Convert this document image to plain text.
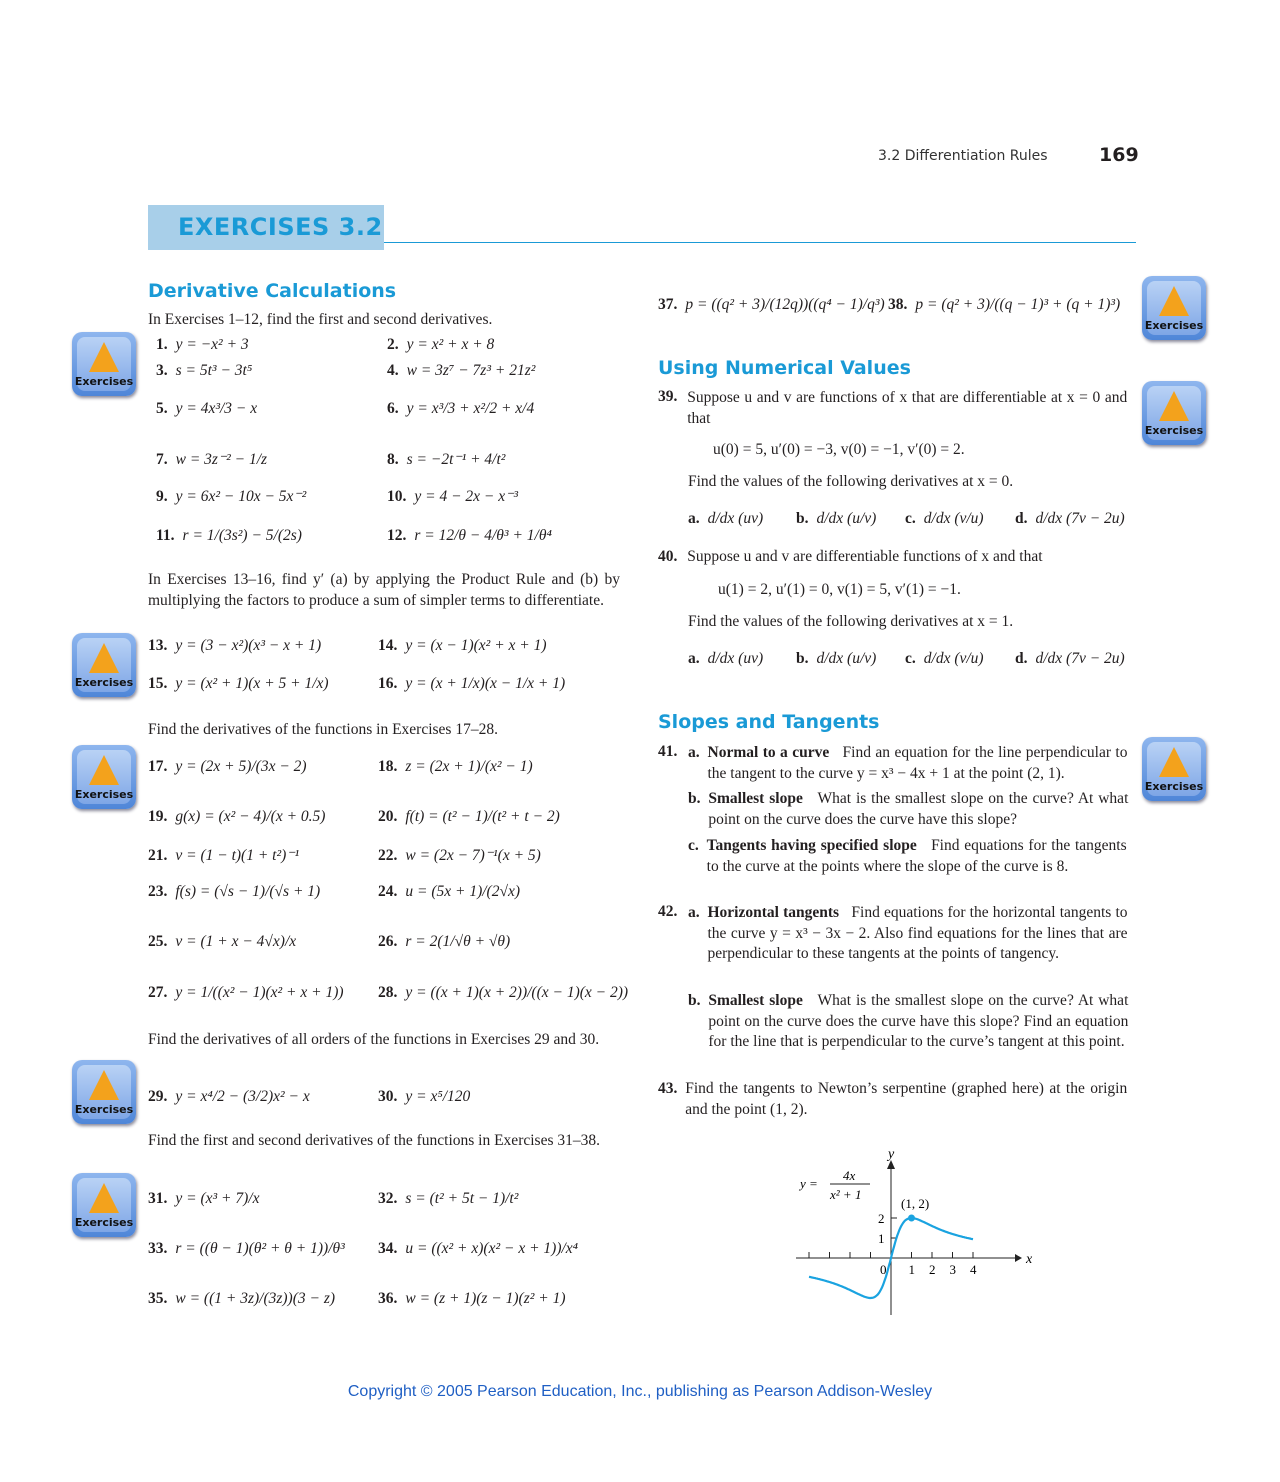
3.2 Differentiation Rules	169
EXERCISES 3.2
Derivative Calculations
In Exercises 1–12, find the first and second derivatives.
In Exercises 13–16, find y′ (a) by applying the Product Rule and (b) by multiplying the factors to produce a sum of simpler terms to differentiate.
Find the derivatives of the functions in Exercises 17–28.
Find the derivatives of all orders of the functions in Exercises 29 and 30.
Find the first and second derivatives of the functions in Exercises 31–38.
Using Numerical Values
39. Suppose u and v are functions of x that are differentiable at x = 0 and that
u(0) = 5, u′(0) = −3, v(0) = −1, v′(0) = 2.
Find the values of the following derivatives at x = 0.
40. Suppose u and v are differentiable functions of x and that
u(1) = 2, u′(1) = 0, v(1) = 5, v′(1) = −1.
Find the values of the following derivatives at x = 1.
Slopes and Tangents
0 1 2 3 4
1
2
x
y
(1, 2)
y =
4x
x² + 1
Copyright © 2005 Pearson Education, Inc., publishing as Pearson Addison-Wesley
Exercises
Exercises
Exercises
Exercises
Exercises
Exercises
Exercises
Exercises
1. y = −x² + 3	2. y = x² + x + 8
3. s = 5t³ − 3t⁵	4. w = 3z⁷ − 7z³ + 21z²
5. y = 4x³/3 − x	6. y = x³/3 + x²/2 + x/4
7. w = 3z⁻² − 1/z	8. s = −2t⁻¹ + 4/t²
9. y = 6x² − 10x − 5x⁻²	10. y = 4 − 2x − x⁻³
11. r = 1/(3s²) − 5/(2s)	12. r = 12/θ − 4/θ³ + 1/θ⁴
13. y = (3 − x²)(x³ − x + 1)	14. y = (x − 1)(x² + x + 1)
15. y = (x² + 1)(x + 5 + 1/x)	16. y = (x + 1/x)(x − 1/x + 1)
17. y = (2x + 5)/(3x − 2)	18. z = (2x + 1)/(x² − 1)
19. g(x) = (x² − 4)/(x + 0.5)	20. f(t) = (t² − 1)/(t² + t − 2)
21. v = (1 − t)(1 + t²)⁻¹	22. w = (2x − 7)⁻¹(x + 5)
23. f(s) = (√s − 1)/(√s + 1)	24. u = (5x + 1)/(2√x)
25. v = (1 + x − 4√x)/x	26. r = 2(1/√θ + √θ)
27. y = 1/((x² − 1)(x² + x + 1)) 28. y = ((x + 1)(x + 2))/((x − 1)(x − 2))
29. y = x⁴/2 − (3/2)x² − x	30. y = x⁵/120
31. y = (x³ + 7)/x	32. s = (t² + 5t − 1)/t²
33. r = ((θ − 1)(θ² + θ + 1))/θ³ 34. u = ((x² + x)(x² − x + 1))/x⁴
35. w = ((1 + 3z)/(3z))(3 − z)	36. w = (z + 1)(z − 1)(z² + 1)
37. p = ((q² + 3)/(12q))((q⁴ − 1)/q³) 38. p = (q² + 3)/((q − 1)³ + (q + 1)³)
a. d/dx (uv) b. d/dx (u/v) c. d/dx (v/u) d. d/dx (7v − 2u)
a. d/dx (uv) b. d/dx (u/v) c. d/dx (v/u) d. d/dx (7v − 2u)
41.
42.
a. Normal to a curve Find an equation for the line perpendicular to the tangent to the curve y = x³ − 4x + 1 at the point (2, 1).
b. Smallest slope What is the smallest slope on the curve? At what point on the curve does the curve have this slope?
c. Tangents having specified slope Find equations for the tangents to the curve at the points where the slope of the curve is 8.
a. Horizontal tangents Find equations for the horizontal tangents to the curve y = x³ − 3x − 2. Also find equations for the lines that are perpendicular to these tangents at the points of tangency.
b. Smallest slope What is the smallest slope on the curve? At what point on the curve does the curve have this slope? Find an equation for the line that is perpendicular to the curve’s tangent at this point.
43. Find the tangents to Newton’s serpentine (graphed here) at the origin and the point (1, 2).
